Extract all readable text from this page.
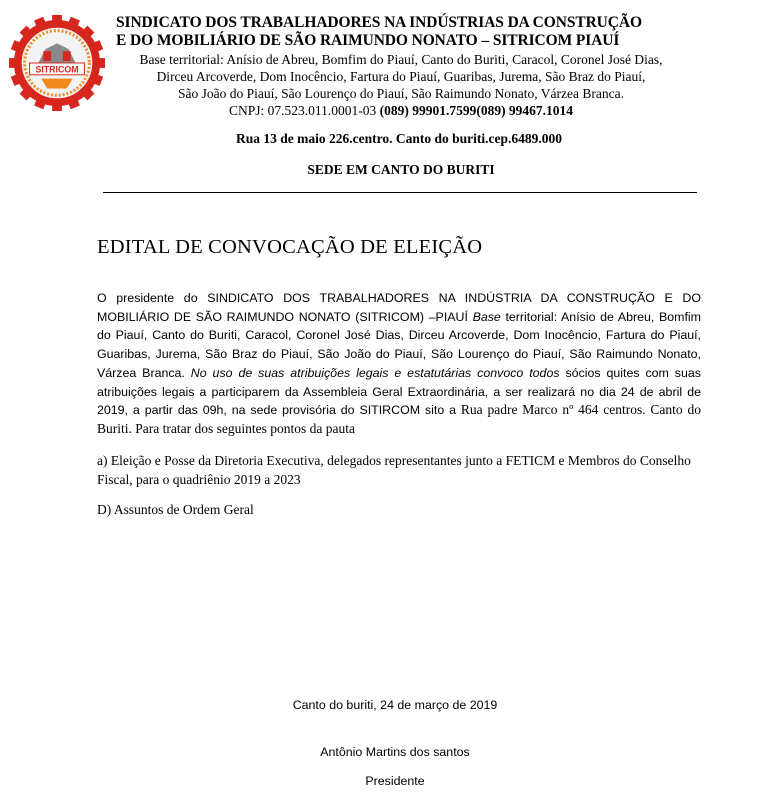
SITRICOM

SINDICATO DOS TRABALHADORES NA INDÚSTRIAS DA CONSTRUÇÃO

E DO MOBILIÁRIO DE SÃO RAIMUNDO NONATO – SITRICOM PIAUÍ

Base territorial: Anísio de Abreu, Bomfim do Piauí, Canto do Buriti, Caracol, Coronel José Dias,
Dirceu Arcoverde, Dom Inocêncio, Fartura do Piauí, Guaribas, Jurema, São Braz do Piauí,
São João do Piauí, São Lourenço do Piauí, São Raimundo Nonato, Várzea Branca.
CNPJ: 07.523.011.0001-03 (089) 99901.7599(089) 99467.1014
Rua 13 de maio 226.centro. Canto do buriti.cep.6489.000
SEDE EM CANTO DO BURITI
EDITAL DE CONVOCAÇÃO DE ELEIÇÃO

O presidente do SINDICATO DOS TRABALHADORES NA INDÚSTRIA DA CONSTRUÇÃO E DO MOBILIÁRIO DE SÃO RAIMUNDO NONATO (SITRICOM) –PIAUÍ Base territorial: Anísio de Abreu, Bomfim do Piauí, Canto do Buriti, Caracol, Coronel José Dias, Dirceu Arcoverde, Dom Inocêncio, Fartura do Piauí, Guaribas, Jurema, São Braz do Piauí, São João do Piauí, São Lourenço do Piauí, São Raimundo Nonato, Várzea Branca. No uso de suas atribuições legais e estatutárias convoco todos sócios quites com suas atribuições legais a participarem da Assembleia Geral Extraordinária, a ser realizará no dia 24 de abril de 2019, a partir das 09h, na sede provisória do SITIRCOM sito a Rua padre Marco nº 464 centros. Canto do Buriti. Para tratar dos seguintes pontos da pauta

a) Eleição e Posse da Diretoria Executiva, delegados representantes junto a FETICM e Membros do Conselho Fiscal, para o quadriênio 2019 a 2023

D) Assuntos de Ordem Geral

Canto do buriti, 24 de março de 2019
Antônio Martins dos santos
Presidente
